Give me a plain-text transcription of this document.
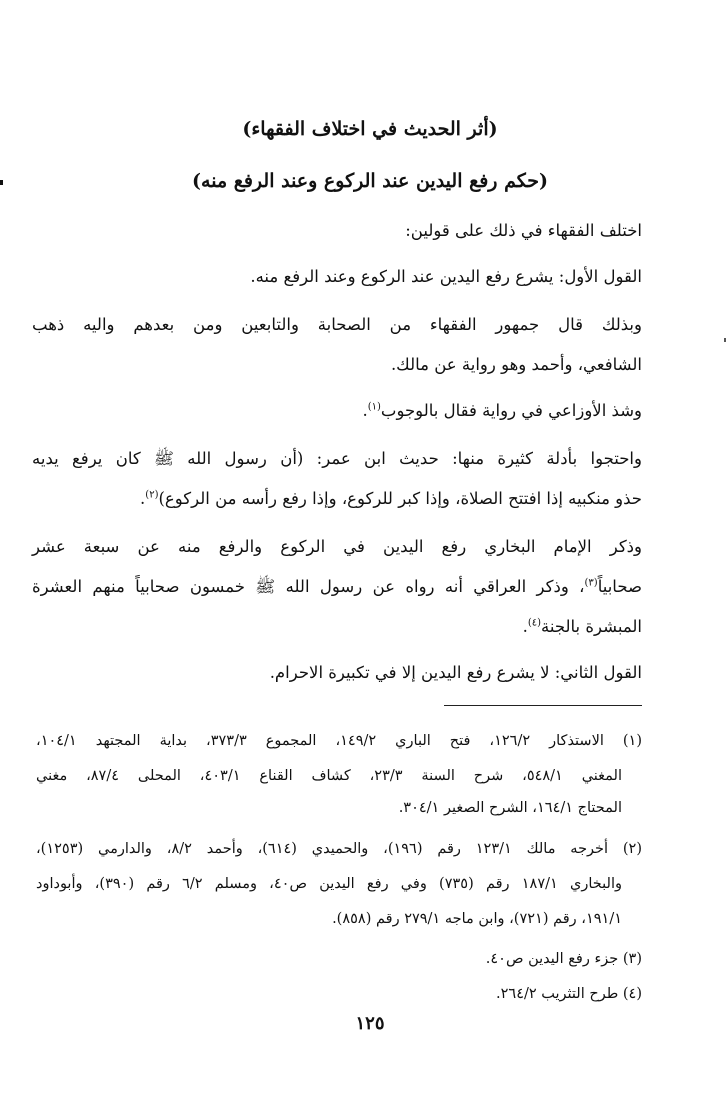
(أثر الحديث في اختلاف الفقهاء)
(حكم رفع اليدين عند الركوع وعند الرفع منه)
اختلف الفقهاء في ذلك على قولين:
القول الأول: يشرع رفع اليدين عند الركوع وعند الرفع منه.
وبذلك قال جمهور الفقهاء من الصحابة والتابعين ومن بعدهم واليه ذهب
الشافعي، وأحمد وهو رواية عن مالك.
وشذ الأوزاعي في رواية فقال بالوجوب$^{(١)}$.
واحتجوا بأدلة كثيرة منها: حديث ابن عمر: (أن رسول الله ﷺ كان يرفع يديه
حذو منكبيه إذا افتتح الصلاة، وإذا كبر للركوع، وإذا رفع رأسه من الركوع)$^{(٢)}$.
وذكر الإمام البخاري رفع اليدين في الركوع والرفع منه عن سبعة عشر
صحابياً$^{(٣)}$، وذكر العراقي أنه رواه عن رسول الله ﷺ خمسون صحابياً منهم العشرة
المبشرة بالجنة$^{(٤)}$.
القول الثاني: لا يشرع رفع اليدين إلا في تكبيرة الاحرام.
(١) الاستذكار ١٢٦/٢، فتح الباري ١٤٩/٢، المجموع ٣٧٣/٣، بداية المجتهد ١٠٤/١،
المغني ٥٤٨/١، شرح السنة ٢٣/٣، كشاف القناع ٤٠٣/١، المحلى ٨٧/٤، مغني
المحتاج ١٦٤/١، الشرح الصغير ٣٠٤/١.
(٢) أخرجه مالك ١٢٣/١ رقم (١٩٦)، والحميدي (٦١٤)، وأحمد ٨/٢، والدارمي (١٢٥٣)،
والبخاري ١٨٧/١ رقم (٧٣٥) وفي رفع اليدين ص٤٠، ومسلم ٦/٢ رقم (٣٩٠)، وأبوداود
١٩١/١، رقم (٧٢١)، وابن ماجه ٢٧٩/١ رقم (٨٥٨).
(٣) جزء رفع اليدين ص٤٠.
(٤) طرح التثريب ٢٦٤/٢.
١٢٥
